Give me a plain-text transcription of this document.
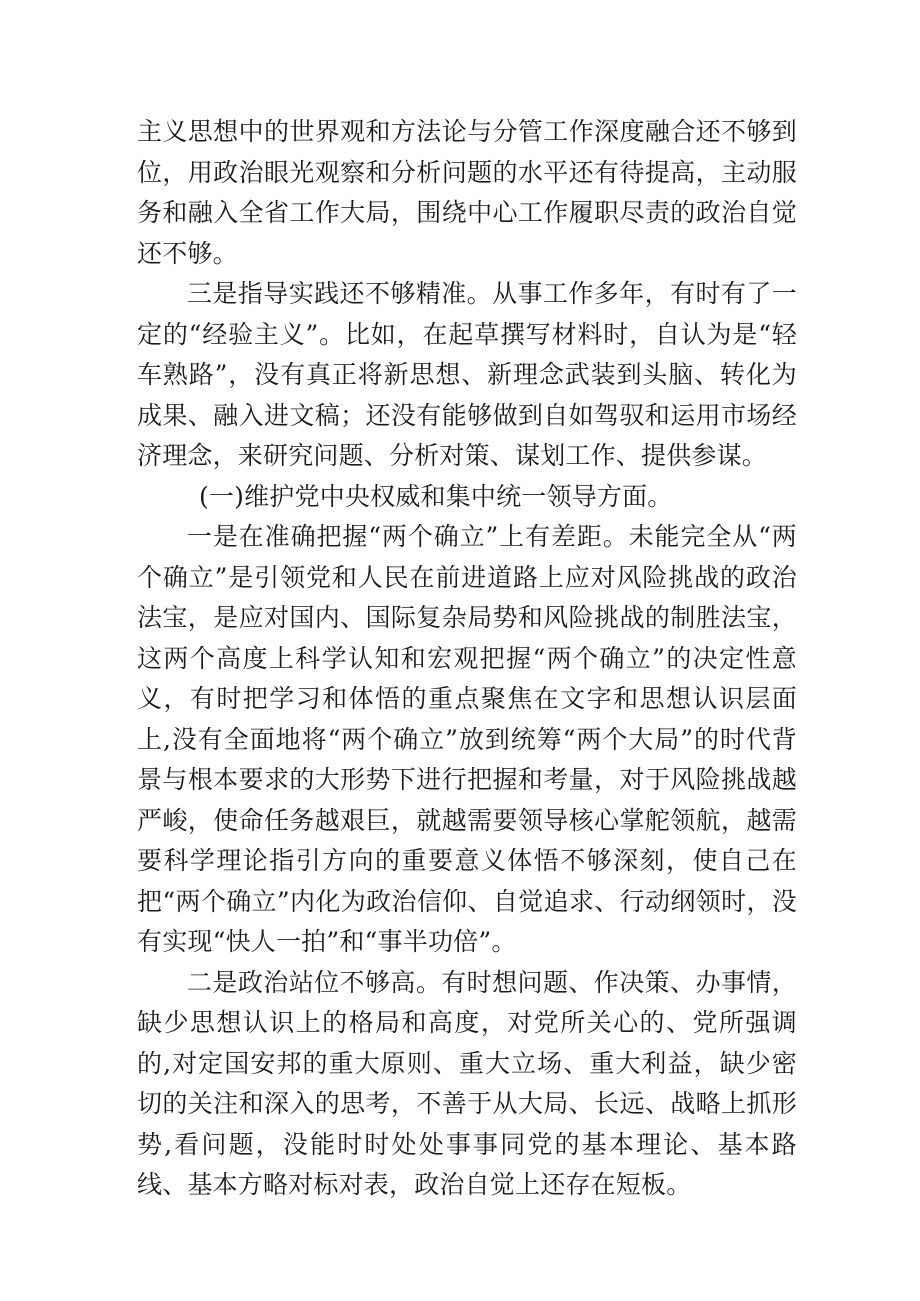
主义思想中的世界观和方法论与分管工作深度融合还不够到位，用政治眼光观察和分析问题的水平还有待提高，主动服务和融入全省工作大局，围绕中心工作履职尽责的政治自觉还不够。

三是指导实践还不够精准。从事工作多年，有时有了一定的“经验主义”。比如，在起草撰写材料时，自认为是“轻车熟路”，没有真正将新思想、新理念武装到头脑、转化为成果、融入进文稿；还没有能够做到自如驾驭和运用市场经济理念，来研究问题、分析对策、谋划工作、提供参谋。

(一)维护党中央权威和集中统一领导方面。

一是在准确把握“两个确立”上有差距。未能完全从“两个确立”是引领党和人民在前进道路上应对风险挑战的政治法宝，是应对国内、国际复杂局势和风险挑战的制胜法宝，这两个高度上科学认知和宏观把握“两个确立”的决定性意义，有时把学习和体悟的重点聚焦在文字和思想认识层面上,没有全面地将“两个确立”放到统筹“两个大局”的时代背景与根本要求的大形势下进行把握和考量，对于风险挑战越严峻，使命任务越艰巨，就越需要领导核心掌舵领航，越需要科学理论指引方向的重要意义体悟不够深刻，使自己在把“两个确立”内化为政治信仰、自觉追求、行动纲领时，没有实现“快人一拍”和“事半功倍”。

二是政治站位不够高。有时想问题、作决策、办事情，缺少思想认识上的格局和高度，对党所关心的、党所强调的,对定国安邦的重大原则、重大立场、重大利益，缺少密切的关注和深入的思考，不善于从大局、长远、战略上抓形势,看问题，没能时时处处事事同党的基本理论、基本路线、基本方略对标对表，政治自觉上还存在短板。
